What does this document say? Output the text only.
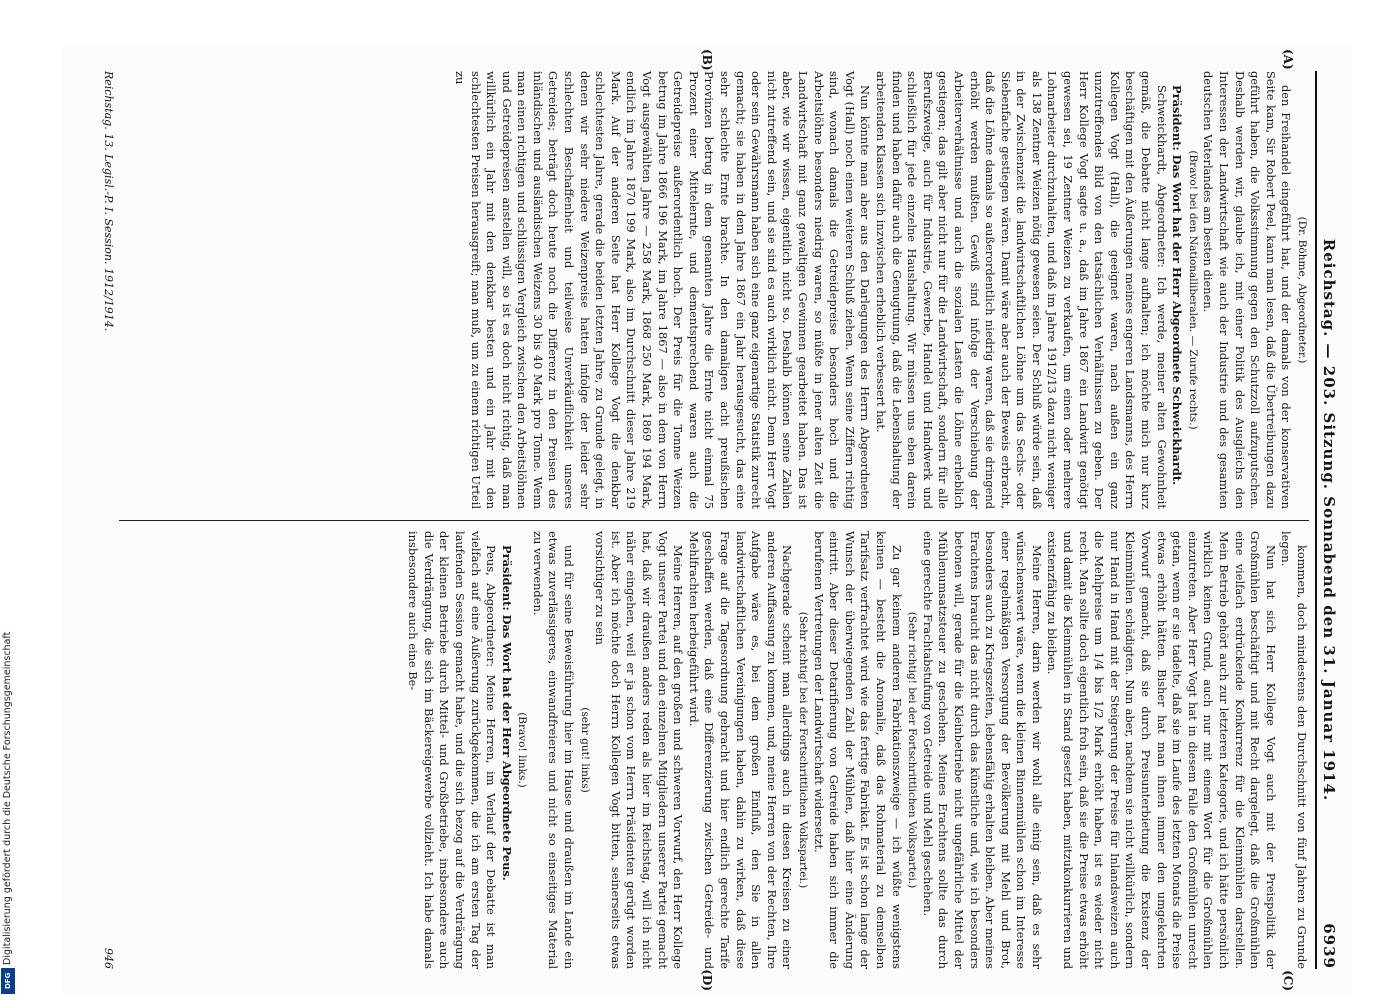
Digitalisierung gefördert durch die Deutsche Forschungsgemeinschaft
DFG
Reichstag. — 203. Sitzung. Sonnabend den 31. Januar 1914.
6939
(A)
(B)
(C)
(D)

(Dr. Böhme, Abgeordneter.)

den Freihandel eingeführt hat, und der damals von der konservativen Seite kam, Sir Robert Peel, kann man lesen, daß die Übertreibungen dazu geführt haben, die Volksstimmung gegen den Schutzzoll aufzuputschen. Deshalb werden wir, glaube ich, mit einer Politik des Ausgleichs den Interessen der Landwirtschaft wie auch der Industrie und des gesamten deutschen Vaterlandes am besten dienen.

(Bravo! bei den Nationalliberalen. — Zurufe rechts.)

Präsident: Das Wort hat der Herr Abgeordnete Schweickhardt.

Schweickhardt, Abgeordneter: Ich werde, meiner alten Gewohnheit gemäß, die Debatte nicht lange aufhalten; ich möchte mich nur kurz beschäftigen mit den Äußerungen meines engeren Landsmanns, des Herrn Kollegen Vogt (Hall), die geeignet waren, nach außen ein ganz unzutreffendes Bild von den tatsächlichen Verhältnissen zu geben. Der Herr Kollege Vogt sagte u. a., daß im Jahre 1867 ein Landwirt genötigt gewesen sei, 19 Zentner Weizen zu verkaufen, um einen oder mehrere Lohnarbeiter durchzuhalten, und daß im Jahre 1912/13 dazu nicht weniger als 138 Zentner Weizen nötig gewesen seien. Der Schluß würde sein, daß in der Zwischenzeit die landwirtschaftlichen Löhne um das Sechs- oder Siebenfache gestiegen wären. Damit wäre aber auch der Beweis erbracht, daß die Löhne damals so außerordentlich niedrig waren, daß sie dringend erhöht werden mußten. Gewiß sind infolge der Verschiebung der Arbeiterverhältnisse und auch die sozialen Lasten die Löhne erheblich gestiegen; das gilt aber nicht nur für die Landwirtschaft, sondern für alle Berufszweige, auch für Industrie, Gewerbe, Handel und Handwerk und schließlich für jede einzelne Haushaltung. Wir müssen uns eben darein finden und haben dafür auch die Genugtuung, daß die Lebenshaltung der arbeitenden Klassen sich inzwischen erheblich verbessert hat.

Nun könnte man aber aus den Darlegungen des Herrn Abgeordneten Vogt (Hall) noch einen weiteren Schluß ziehen. Wenn seine Ziffern richtig sind, wonach damals die Getreidepreise besonders hoch und die Arbeitslöhne besonders niedrig waren, so müßte in jener alten Zeit die Landwirtschaft mit ganz gewaltigen Gewinnen gearbeitet haben. Das ist aber, wie wir wissen, eigentlich nicht so. Deshalb können seine Zahlen nicht zutreffend sein, und sie sind es auch wirklich nicht. Denn Herr Vogt oder sein Gewährsmann haben sich eine ganz eigenartige Statistik zurecht gemacht; sie haben in dem Jahre 1867 ein Jahr herausgesucht, das eine sehr schlechte Ernte brachte. In den damaligen acht preußischen Provinzen betrug in dem genannten Jahre die Ernte nicht einmal 75 Prozent einer Mittelernte, und dementsprechend waren auch die Getreidepreise außerordentlich hoch. Der Preis für die Tonne Weizen betrug im Jahre 1866 196 Mark, im Jahre 1867 — also in dem von Herrn Vogt ausgewählten Jahre — 258 Mark, 1868 250 Mark, 1869 194 Mark, endlich im Jahre 1870 199 Mark, also im Durchschnitt dieser Jahre 219 Mark. Auf der anderen Seite hat Herr Kollege Vogt die denkbar schlechtesten Jahre, gerade die beiden letzten Jahre, zu Grunde gelegt, in denen wir sehr niedere Weizenpreise hatten infolge der leider sehr schlechten Beschaffenheit und teilweise Unverkäuflichkeit unseres Getreides; beträgt doch heute noch die Differenz in den Preisen des inländischen und ausländischen Weizens 30 bis 40 Mark pro Tonne. Wenn man einen richtigen und schlüssigen Vergleich zwischen den Arbeitslöhnen und Getreidepreisen anstellen will, so ist es doch nicht richtig, daß man willkürlich ein Jahr mit den denkbar besten und ein Jahr mit den schlechtesten Preisen herausgreift; man muß, um zu einem richtigen Urteil zu

kommen, doch mindestens den Durchschnitt von fünf Jahren zu Grunde legen.

Nun hat sich Herr Kollege Vogt auch mit der Preispolitik der Großmühlen beschäftigt und mit Recht dargelegt, daß die Großmühlen eine vielfach erdrückende Konkurrenz für die Kleinmühlen darstellen. Mein Betrieb gehört auch zur letzteren Kategorie, und ich hätte persönlich wirklich keinen Grund, auch nur mit einem Wort für die Großmühlen einzutreten. Aber Herr Vogt hat in diesem Falle den Großmühlen unrecht getan, wenn er sie tadelte, daß sie im Laufe des letzten Monats die Preise etwas erhöht hätten. Bisher hat man ihnen immer den umgekehrten Vorwurf gemacht, daß sie durch Preisunterbietung die Existenz der Kleinmühlen schädigten. Nun aber, nachdem sie nicht willkürlich, sondern nur Hand in Hand mit der Steigerung der Preise für Inlandsweizen auch die Mehlpreise um 1/4 bis 1/2 Mark erhöht haben, ist es wieder nicht recht. Man sollte doch eigentlich froh sein, daß sie die Preise etwas erhöht und damit die Kleinmühlen in Stand gesetzt haben, mitzukonkurrieren und existenzfähig zu bleiben.

Meine Herren, darin werden wir wohl alle einig sein, daß es sehr wünschenswert wäre, wenn die kleinen Binnenmühlen schon im Interesse einer regelmäßigen Versorgung der Bevölkerung mit Mehl und Brot, besonders auch zu Kriegszeiten, lebensfähig erhalten bleiben. Aber meines Erachtens braucht das nicht durch das künstliche und, wie ich besonders betonen will, gerade für die Kleinbetriebe nicht ungefährliche Mittel der Mühlenumsatzsteuer zu geschehen. Meines Erachtens sollte das durch eine gerechte Frachtabstufung von Getreide und Mehl geschehen.

(Sehr richtig! bei der Fortschrittlichen Volkspartei.)

Zu gar keinem anderen Fabrikationszweige — ich wüßte wenigstens keinen — besteht die Anomalie, daß das Rohmaterial zu demselben Tarifsatz verfrachtet wird wie das fertige Fabrikat. Es ist schon lange der Wunsch der überwiegenden Zahl der Mühlen, daß hier eine Änderung eintritt. Aber dieser Detarifierung von Getreide haben sich immer die berufenen Vertretungen der Landwirtschaft widersetzt.

(Sehr richtig! bei der Fortschrittlichen Volkspartei.)

Nachgerade scheint man allerdings auch in diesen Kreisen zu einer anderen Auffassung zu kommen, und, meine Herren von der Rechten, Ihre Aufgabe wäre es, bei dem großen Einfluß, den Sie in allen landwirtschaftlichen Vereinigungen haben, dahin zu wirken, daß diese Frage auf die Tagesordnung gebracht und hier endlich gerechte Tarife geschaffen werden, daß eine Differenzierung zwischen Getreide- und Mehlfrachten herbeigeführt wird.

Meine Herren, auf den großen und schweren Vorwurf, den Herr Kollege Vogt unserer Partei und den einzelnen Mitgliedern unserer Partei gemacht hat, daß wir draußen anders reden als hier im Reichstag, will ich nicht näher eingehen, weil er ja schon vom Herrn Präsidenten gerügt worden ist. Aber ich möchte doch Herrn Kollegen Vogt bitten, seinerseits etwas vorsichtiger zu sein

(sehr gut! links)

und für seine Beweisführung hier im Hause und draußen im Lande ein etwas zuverlässigeres, einwandfreieres und nicht so einseitiges Material zu verwenden.

(Bravo! links.)

Präsident: Das Wort hat der Herr Abgeordnete Peus.

Peus, Abgeordneter: Meine Herren, im Verlauf der Debatte ist man vielfach auf eine Äußerung zurückgekommen, die ich am ersten Tag der laufenden Session gemacht habe, und die sich bezog auf die Verdrängung der kleinen Betriebe durch Mittel- und Großbetriebe, insbesondere auch die Verdrängung, die sich im Bäckereigewerbe vollzieht. Ich habe damals insbesondere auch eine Be-

Reichstag. 13. Legisl.-P. I. Session. 1912/1914.
946
